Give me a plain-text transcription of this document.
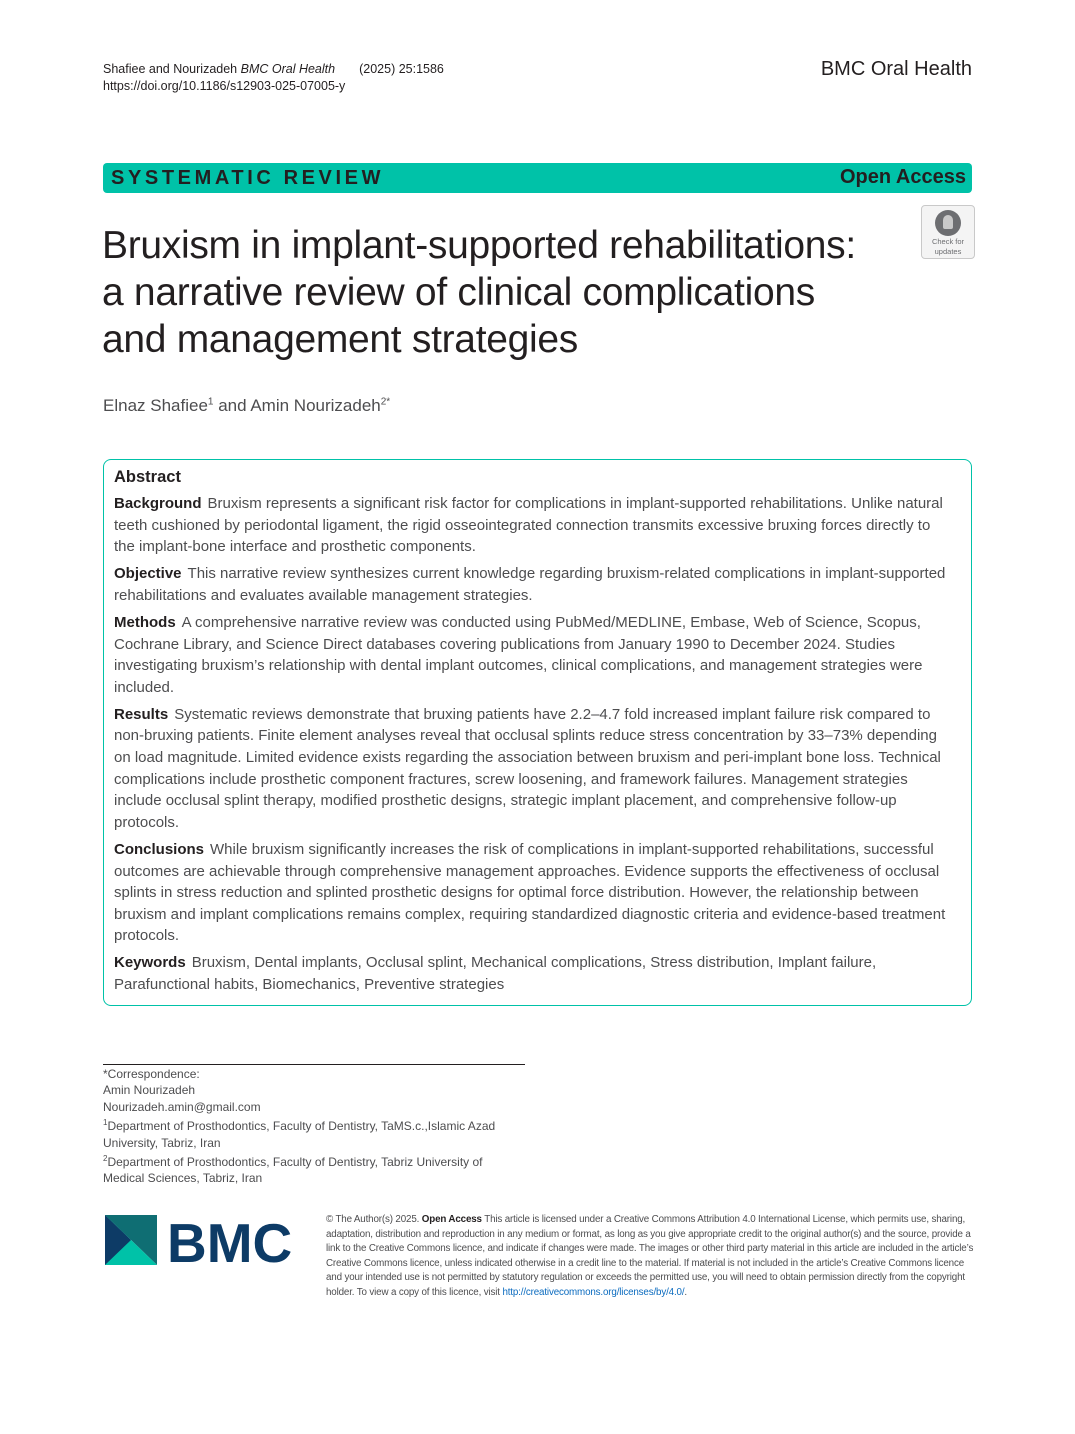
Shafiee and Nourizadeh BMC Oral Health (2025) 25:1586
https://doi.org/10.1186/s12903-025-07005-y
BMC Oral Health
SYSTEMATIC REVIEW	Open Access
Bruxism in implant-supported rehabilitations:
a narrative review of clinical complications
and management strategies
Check for
updates
Elnaz Shafiee$^1$ and Amin Nourizadeh$^{2*}$
Abstract

Background Bruxism represents a significant risk factor for complications in implant-supported rehabilitations. Unlike natural teeth cushioned by periodontal ligament, the rigid osseointegrated connection transmits excessive bruxing forces directly to the implant-bone interface and prosthetic components.

Objective This narrative review synthesizes current knowledge regarding bruxism-related complications in implant-supported rehabilitations and evaluates available management strategies.

Methods A comprehensive narrative review was conducted using PubMed/MEDLINE, Embase, Web of Science, Scopus, Cochrane Library, and Science Direct databases covering publications from January 1990 to December 2024. Studies investigating bruxism’s relationship with dental implant outcomes, clinical complications, and management strategies were included.

Results Systematic reviews demonstrate that bruxing patients have 2.2–4.7 fold increased implant failure risk compared to non-bruxing patients. Finite element analyses reveal that occlusal splints reduce stress concentration by 33–73% depending on load magnitude. Limited evidence exists regarding the association between bruxism and peri-implant bone loss. Technical complications include prosthetic component fractures, screw loosening, and framework failures. Management strategies include occlusal splint therapy, modified prosthetic designs, strategic implant placement, and comprehensive follow-up protocols.

Conclusions While bruxism significantly increases the risk of complications in implant-supported rehabilitations, successful outcomes are achievable through comprehensive management approaches. Evidence supports the effectiveness of occlusal splints in stress reduction and splinted prosthetic designs for optimal force distribution. However, the relationship between bruxism and implant complications remains complex, requiring standardized diagnostic criteria and evidence-based treatment protocols.

Keywords Bruxism, Dental implants, Occlusal splint, Mechanical complications, Stress distribution, Implant failure, Parafunctional habits, Biomechanics, Preventive strategies

*Correspondence:
Amin Nourizadeh
Nourizadeh.amin@gmail.com
$^1$Department of Prosthodontics, Faculty of Dentistry, TaMS.c.,Islamic Azad
University, Tabriz, Iran
$^2$Department of Prosthodontics, Faculty of Dentistry, Tabriz University of
Medical Sciences, Tabriz, Iran
BMC	© The Author(s) 2025. Open Access This article is licensed under a Creative Commons Attribution 4.0 International License, which permits use, sharing, adaptation, distribution and reproduction in any medium or format, as long as you give appropriate credit to the original author(s) and the source, provide a link to the Creative Commons licence, and indicate if changes were made. The images or other third party material in this article are included in the article’s Creative Commons licence, unless indicated otherwise in a credit line to the material. If material is not included in the article’s Creative Commons licence and your intended use is not permitted by statutory regulation or exceeds the permitted use, you will need to obtain permission directly from the copyright holder. To view a copy of this licence, visit http://creativecommons.org/licenses/by/4.0/.
